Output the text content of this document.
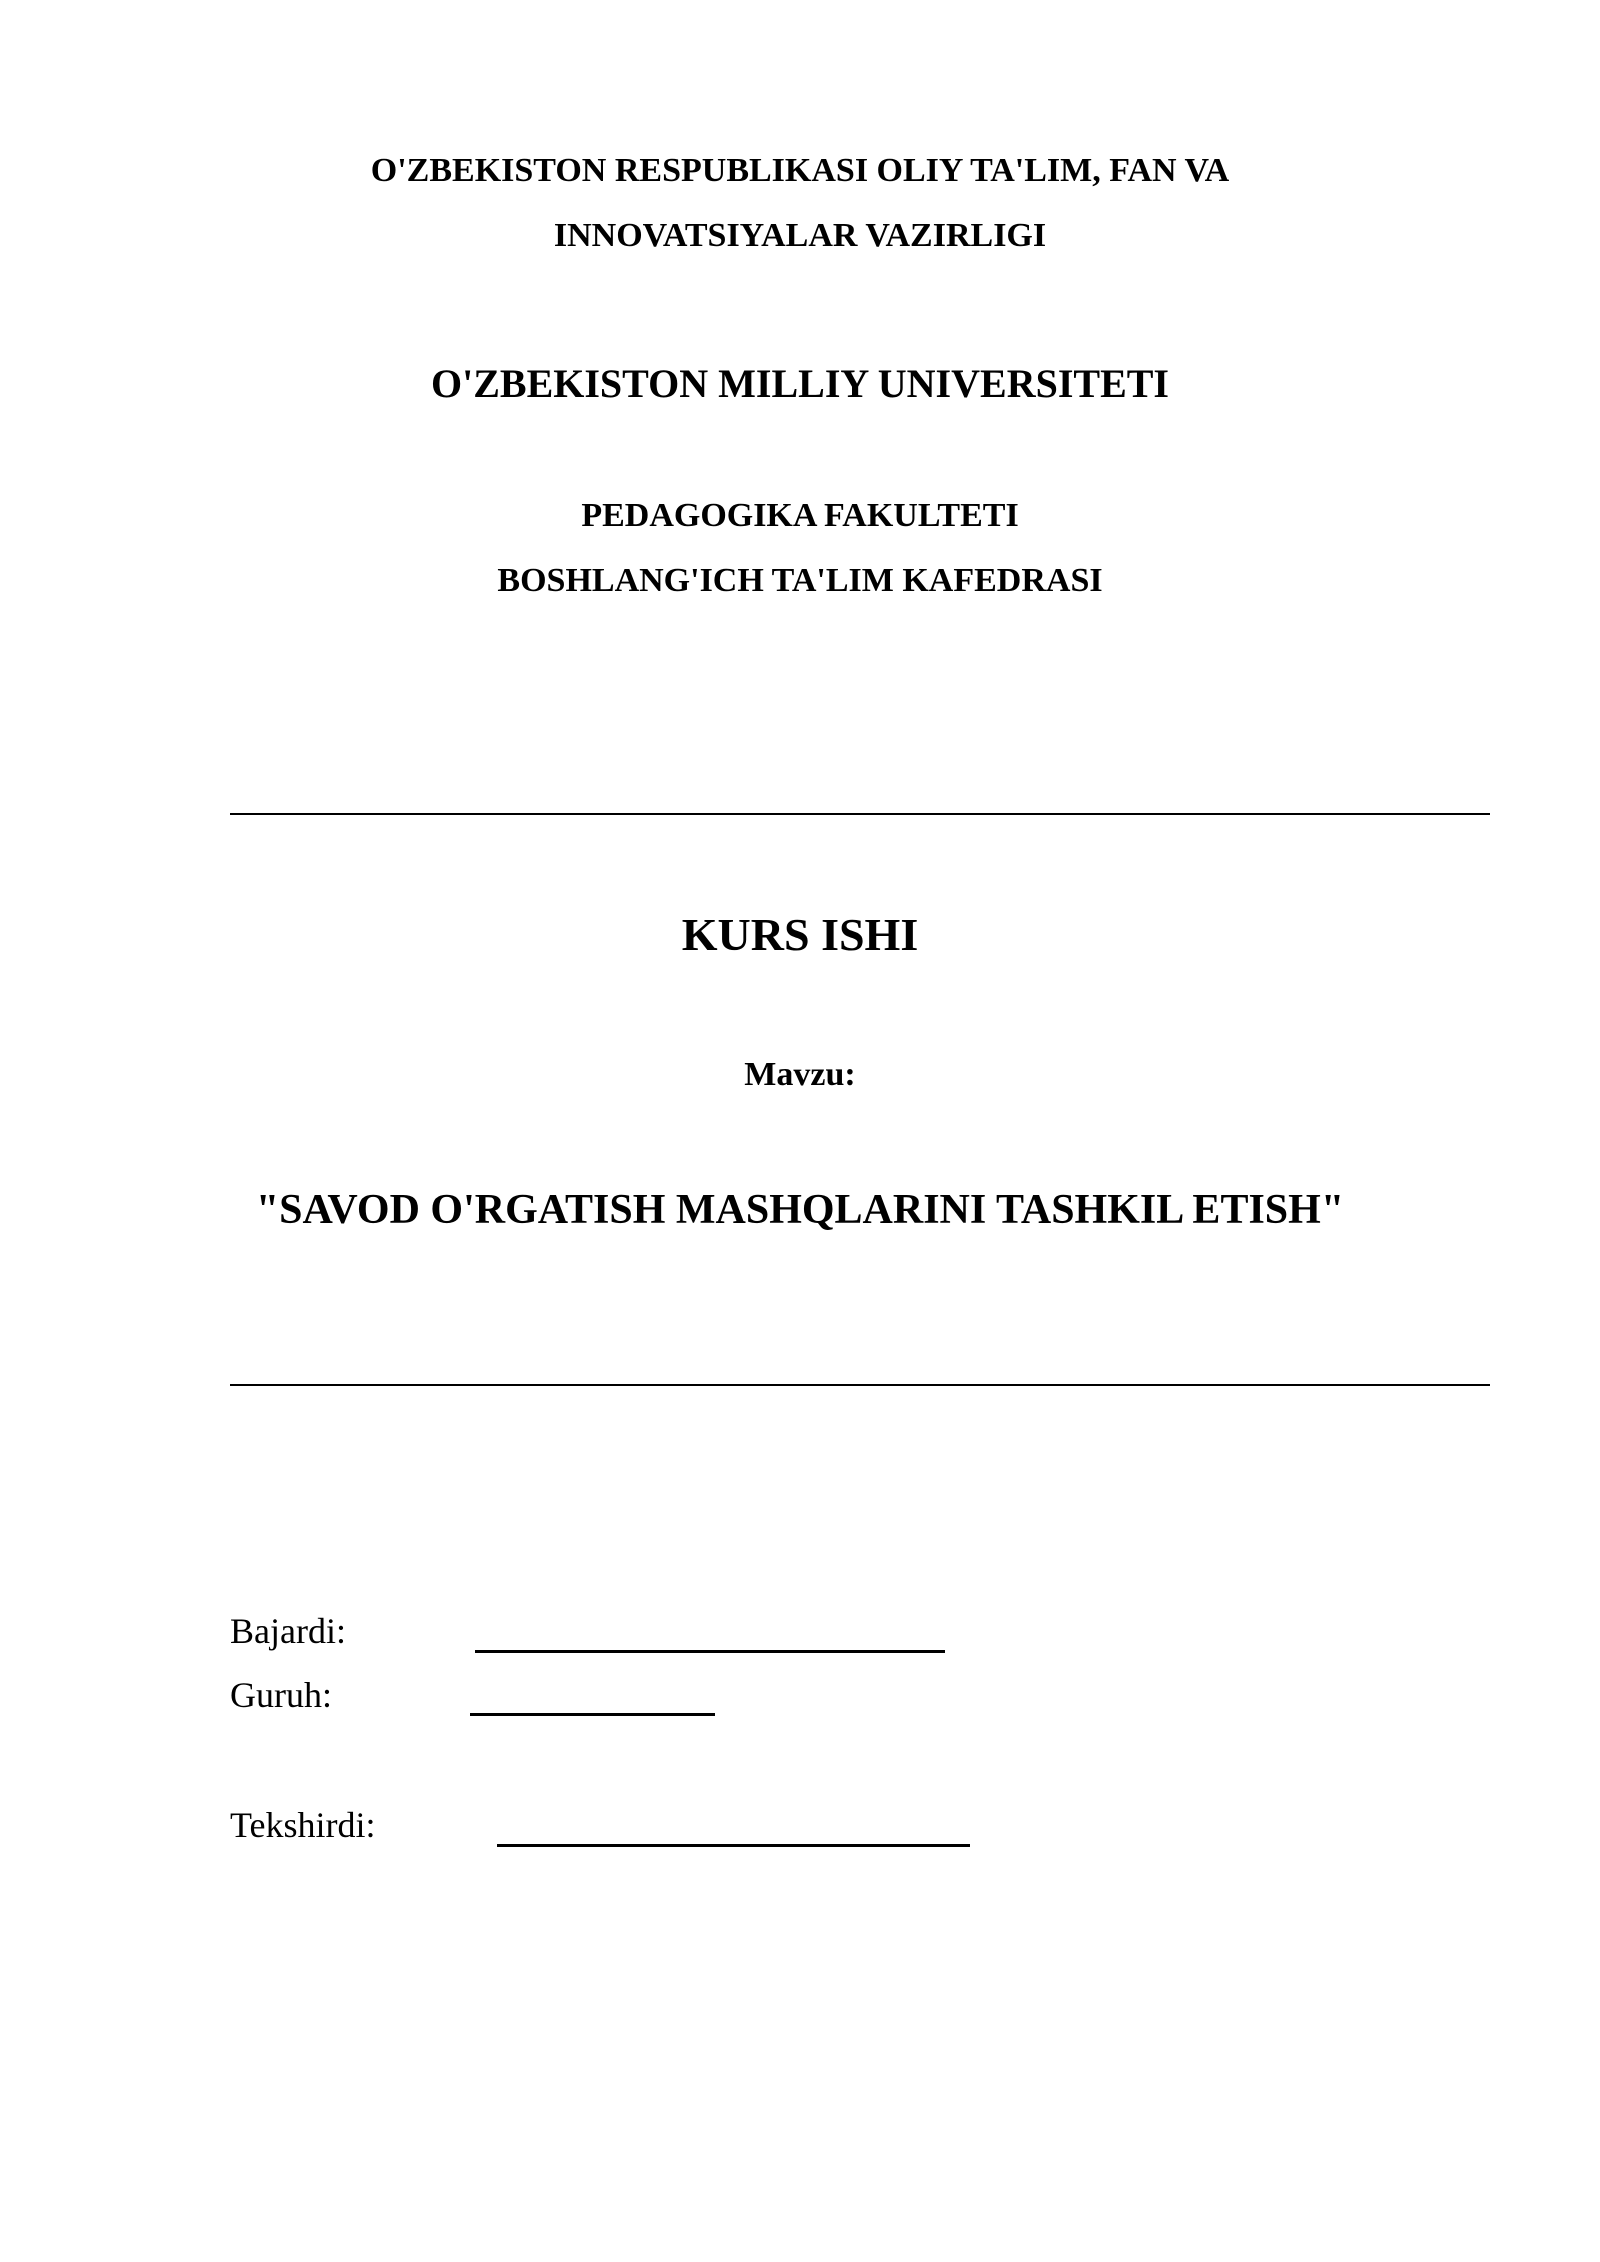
O'ZBEKISTON RESPUBLIKASI OLIY TA'LIM, FAN VA
INNOVATSIYALAR VAZIRLIGI
O'ZBEKISTON MILLIY UNIVERSITETI
PEDAGOGIKA FAKULTETI
BOSHLANG'ICH TA'LIM KAFEDRASI
KURS ISHI
Mavzu:
"SAVOD O'RGATISH MASHQLARINI TASHKIL ETISH"
Bajardi:
Guruh:
Tekshirdi:
